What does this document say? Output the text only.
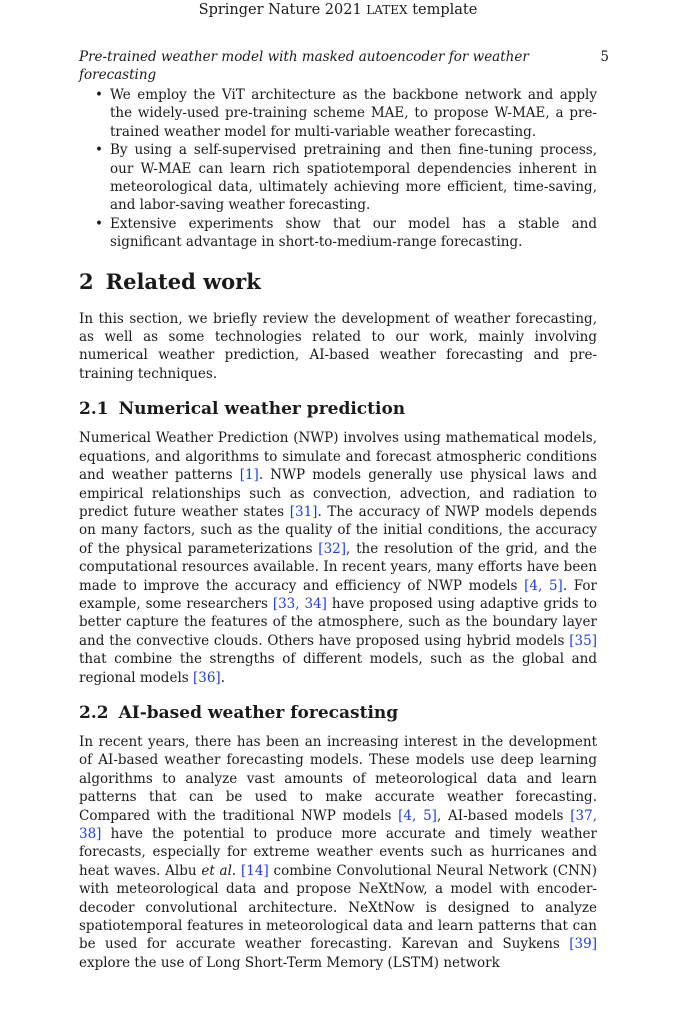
Springer Nature 2021 LATEX template
Pre-trained weather model with masked autoencoder for weather forecasting
5
• We employ the ViT architecture as the backbone network and apply the widely-used pre-training scheme MAE, to propose W-MAE, a pre-trained weather model for multi-variable weather forecasting.
• By using a self-supervised pretraining and then fine-tuning process, our W-MAE can learn rich spatiotemporal dependencies inherent in meteorological data, ultimately achieving more efficient, time-saving, and labor-saving weather forecasting.
• Extensive experiments show that our model has a stable and significant advantage in short-to-medium-range forecasting.
2 Related work

In this section, we briefly review the development of weather forecasting, as well as some technologies related to our work, mainly involving numerical weather prediction, AI-based weather forecasting and pre-training techniques.

2.1 Numerical weather prediction

Numerical Weather Prediction (NWP) involves using mathematical models, equations, and algorithms to simulate and forecast atmospheric conditions and weather patterns [1]. NWP models generally use physical laws and empirical relationships such as convection, advection, and radiation to predict future weather states [31]. The accuracy of NWP models depends on many factors, such as the quality of the initial conditions, the accuracy of the physical parameterizations [32], the resolution of the grid, and the computational resources available. In recent years, many efforts have been made to improve the accuracy and efficiency of NWP models [4, 5]. For example, some researchers [33, 34] have proposed using adaptive grids to better capture the features of the atmosphere, such as the boundary layer and the convective clouds. Others have proposed using hybrid models [35] that combine the strengths of different models, such as the global and regional models [36].

2.2 AI-based weather forecasting

In recent years, there has been an increasing interest in the development of AI-based weather forecasting models. These models use deep learning algorithms to analyze vast amounts of meteorological data and learn patterns that can be used to make accurate weather forecasting. Compared with the traditional NWP models [4, 5], AI-based models [37, 38] have the potential to produce more accurate and timely weather forecasts, especially for extreme weather events such as hurricanes and heat waves. Albu et al. [14] combine Convolutional Neural Network (CNN) with meteorological data and propose NeXtNow, a model with encoder-decoder convolutional architecture. NeXtNow is designed to analyze spatiotemporal features in meteorological data and learn patterns that can be used for accurate weather forecasting. Karevan and Suykens [39] explore the use of Long Short-Term Memory (LSTM) network
